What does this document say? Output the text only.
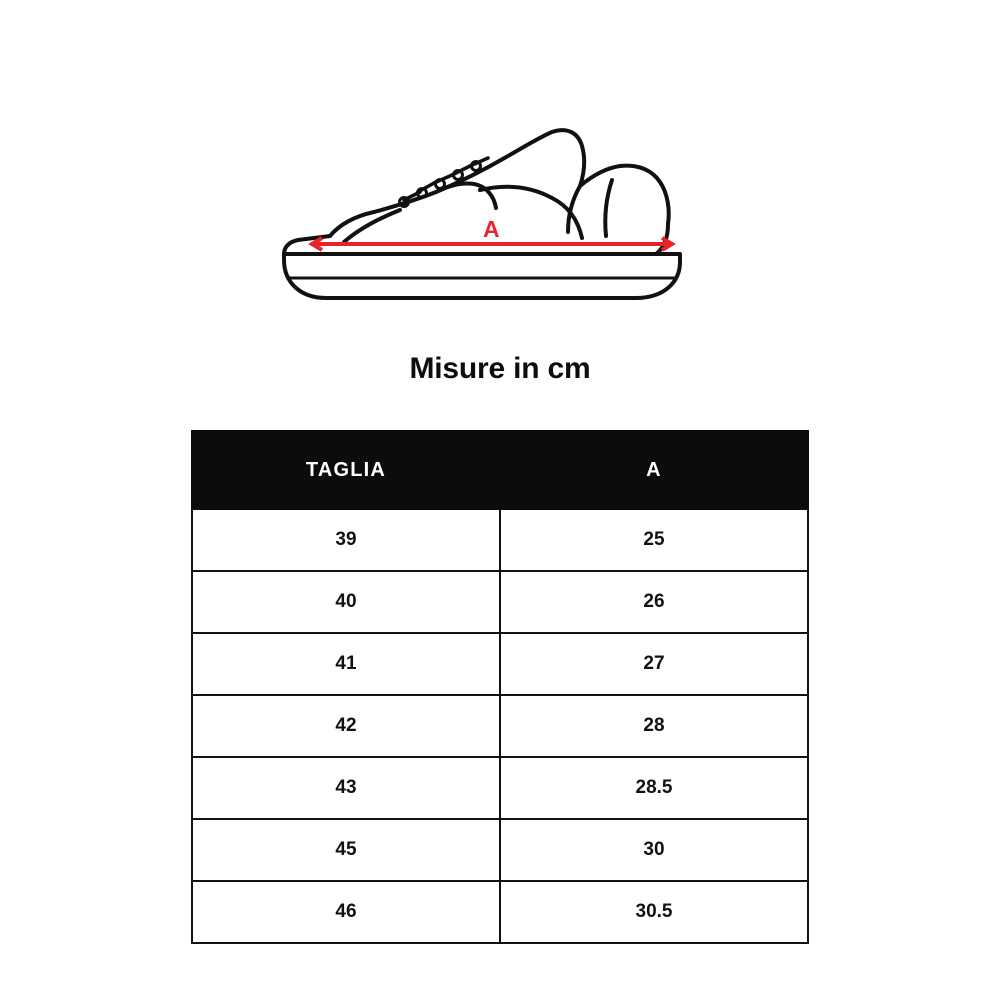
A
Misure in cm
TAGLIA	A
39	25
40	26
41	27
42	28
43	28.5
45	30
46	30.5
